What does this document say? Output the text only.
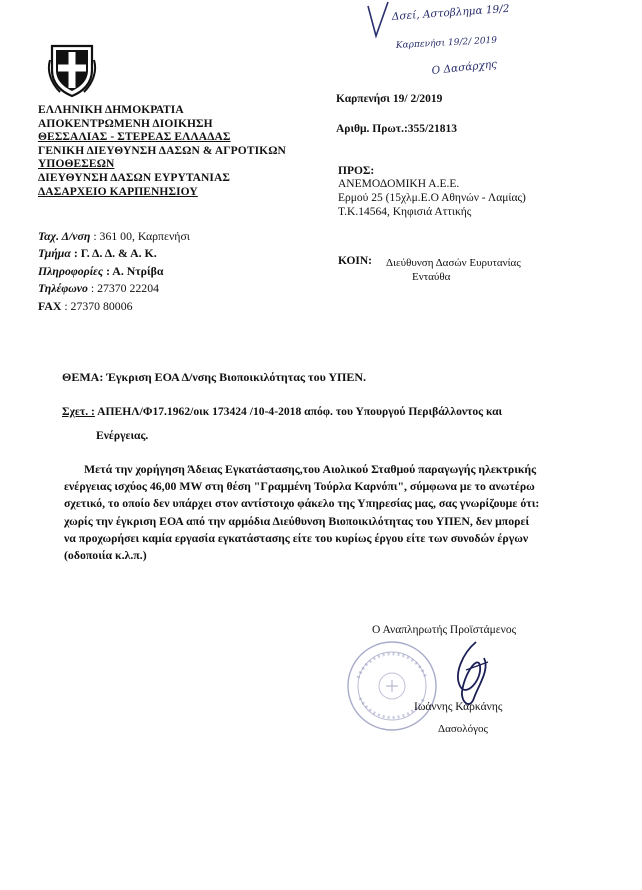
ΕΛΛΗΝΙΚΗ ΔΗΜΟΚΡΑΤΙΑ
ΑΠΟΚΕΝΤΡΩΜΕΝΗ ΔΙΟΙΚΗΣΗ
ΘΕΣΣΑΛΙΑΣ - ΣΤΕΡΕΑΣ ΕΛΛΑΔΑΣ
ΓΕΝΙΚΗ ΔΙΕΥΘΥΝΣΗ ΔΑΣΩΝ & ΑΓΡΟΤΙΚΩΝ
ΥΠΟΘΕΣΕΩΝ
ΔΙΕΥΘΥΝΣΗ ΔΑΣΩΝ ΕΥΡΥΤΑΝΙΑΣ
ΔΑΣΑΡΧΕΙΟ ΚΑΡΠΕΝΗΣΙΟΥ
Ταχ. Δ/νση : 361 00, Καρπενήσι
Τμήμα : Γ. Δ. Δ. & Α. Κ.
Πληροφορίες : Α. Ντρίβα
Τηλέφωνο : 27370 22204
FAX : 27370 80006
Δσεί, Αστοβλημα 19/2
Καρπενήσι 19/2/ 2019
Ο Δασάρχης
Καρπενήσι 19/ 2/2019
Αριθμ. Πρωτ.:355/21813
ΠΡΟΣ:
ΑΝΕΜΟΔΟΜΙΚΗ Α.Ε.Ε.
Ερμού 25 (15χλμ.Ε.Ο Αθηνών - Λαμίας)
Τ.Κ.14564, Κηφισιά Αττικής
ΚΟΙΝ: Διεύθυνση Δασών Ευρυτανίας
Ενταύθα
ΘΕΜΑ: Έγκριση ΕΟΑ Δ/νσης Βιοποικιλότητας του ΥΠΕΝ.
Σχετ. : ΑΠΕΗΛ/Φ17.1962/οικ 173424 /10-4-2018 απόφ. του Υπουργού Περιβάλλοντος και
Ενέργειας.
Μετά την χορήγηση Άδειας Εγκατάστασης,του Αιολικού Σταθμού παραγωγής ηλεκτρικής
ενέργειας ισχύος 46,00 MW στη θέση "Γραμμένη Τούρλα Καρνόπι", σύμφωνα με το ανωτέρω
σχετικό, το οποίο δεν υπάρχει στον αντίστοιχο φάκελο της Υπηρεσίας μας, σας γνωρίζουμε ότι:
χωρίς την έγκριση ΕΟΑ από την αρμόδια Διεύθυνση Βιοποικιλότητας του ΥΠΕΝ, δεν μπορεί
να προχωρήσει καμία εργασία εγκατάστασης είτε του κυρίως έργου είτε των συνοδών έργων
(οδοποιία κ.λ.π.)
Ο Αναπληρωτής Προϊστάμενος
Ιωάννης Καρκάνης
Δασολόγος
